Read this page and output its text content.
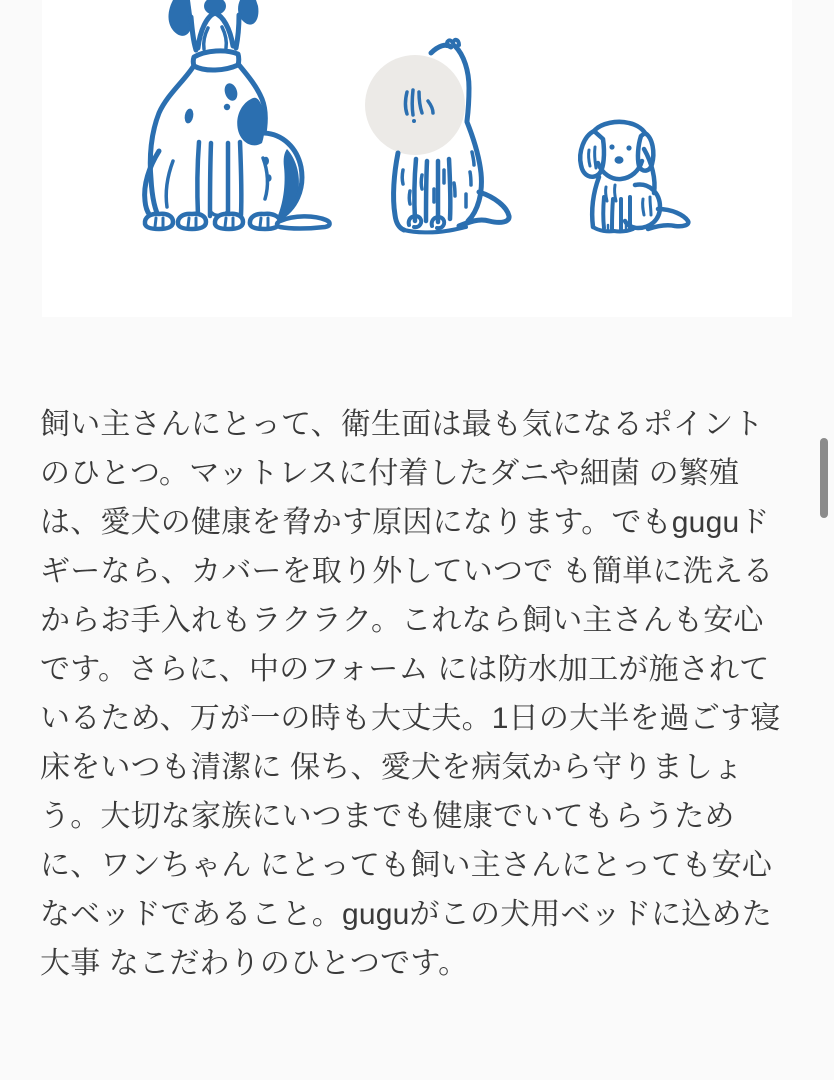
飼い主さんにとって、衛生面は最も気になるポイント
のひとつ。マットレスに付着したダニや細菌 の繁殖
は、愛犬の健康を脅かす原因になります。でもguguド
ギーなら、カバーを取り外していつで も簡単に洗える
からお手入れもラクラク。これなら飼い主さんも安心
です。さらに、中のフォーム には防水加工が施されて
いるため、万が一の時も大丈夫。1日の大半を過ごす寝
床をいつも清潔に 保ち、愛犬を病気から守りましょ
う。大切な家族にいつまでも健康でいてもらうため
に、ワンちゃん にとっても飼い主さんにとっても安心
なベッドであること。guguがこの犬用ベッドに込めた
大事 なこだわりのひとつです。
